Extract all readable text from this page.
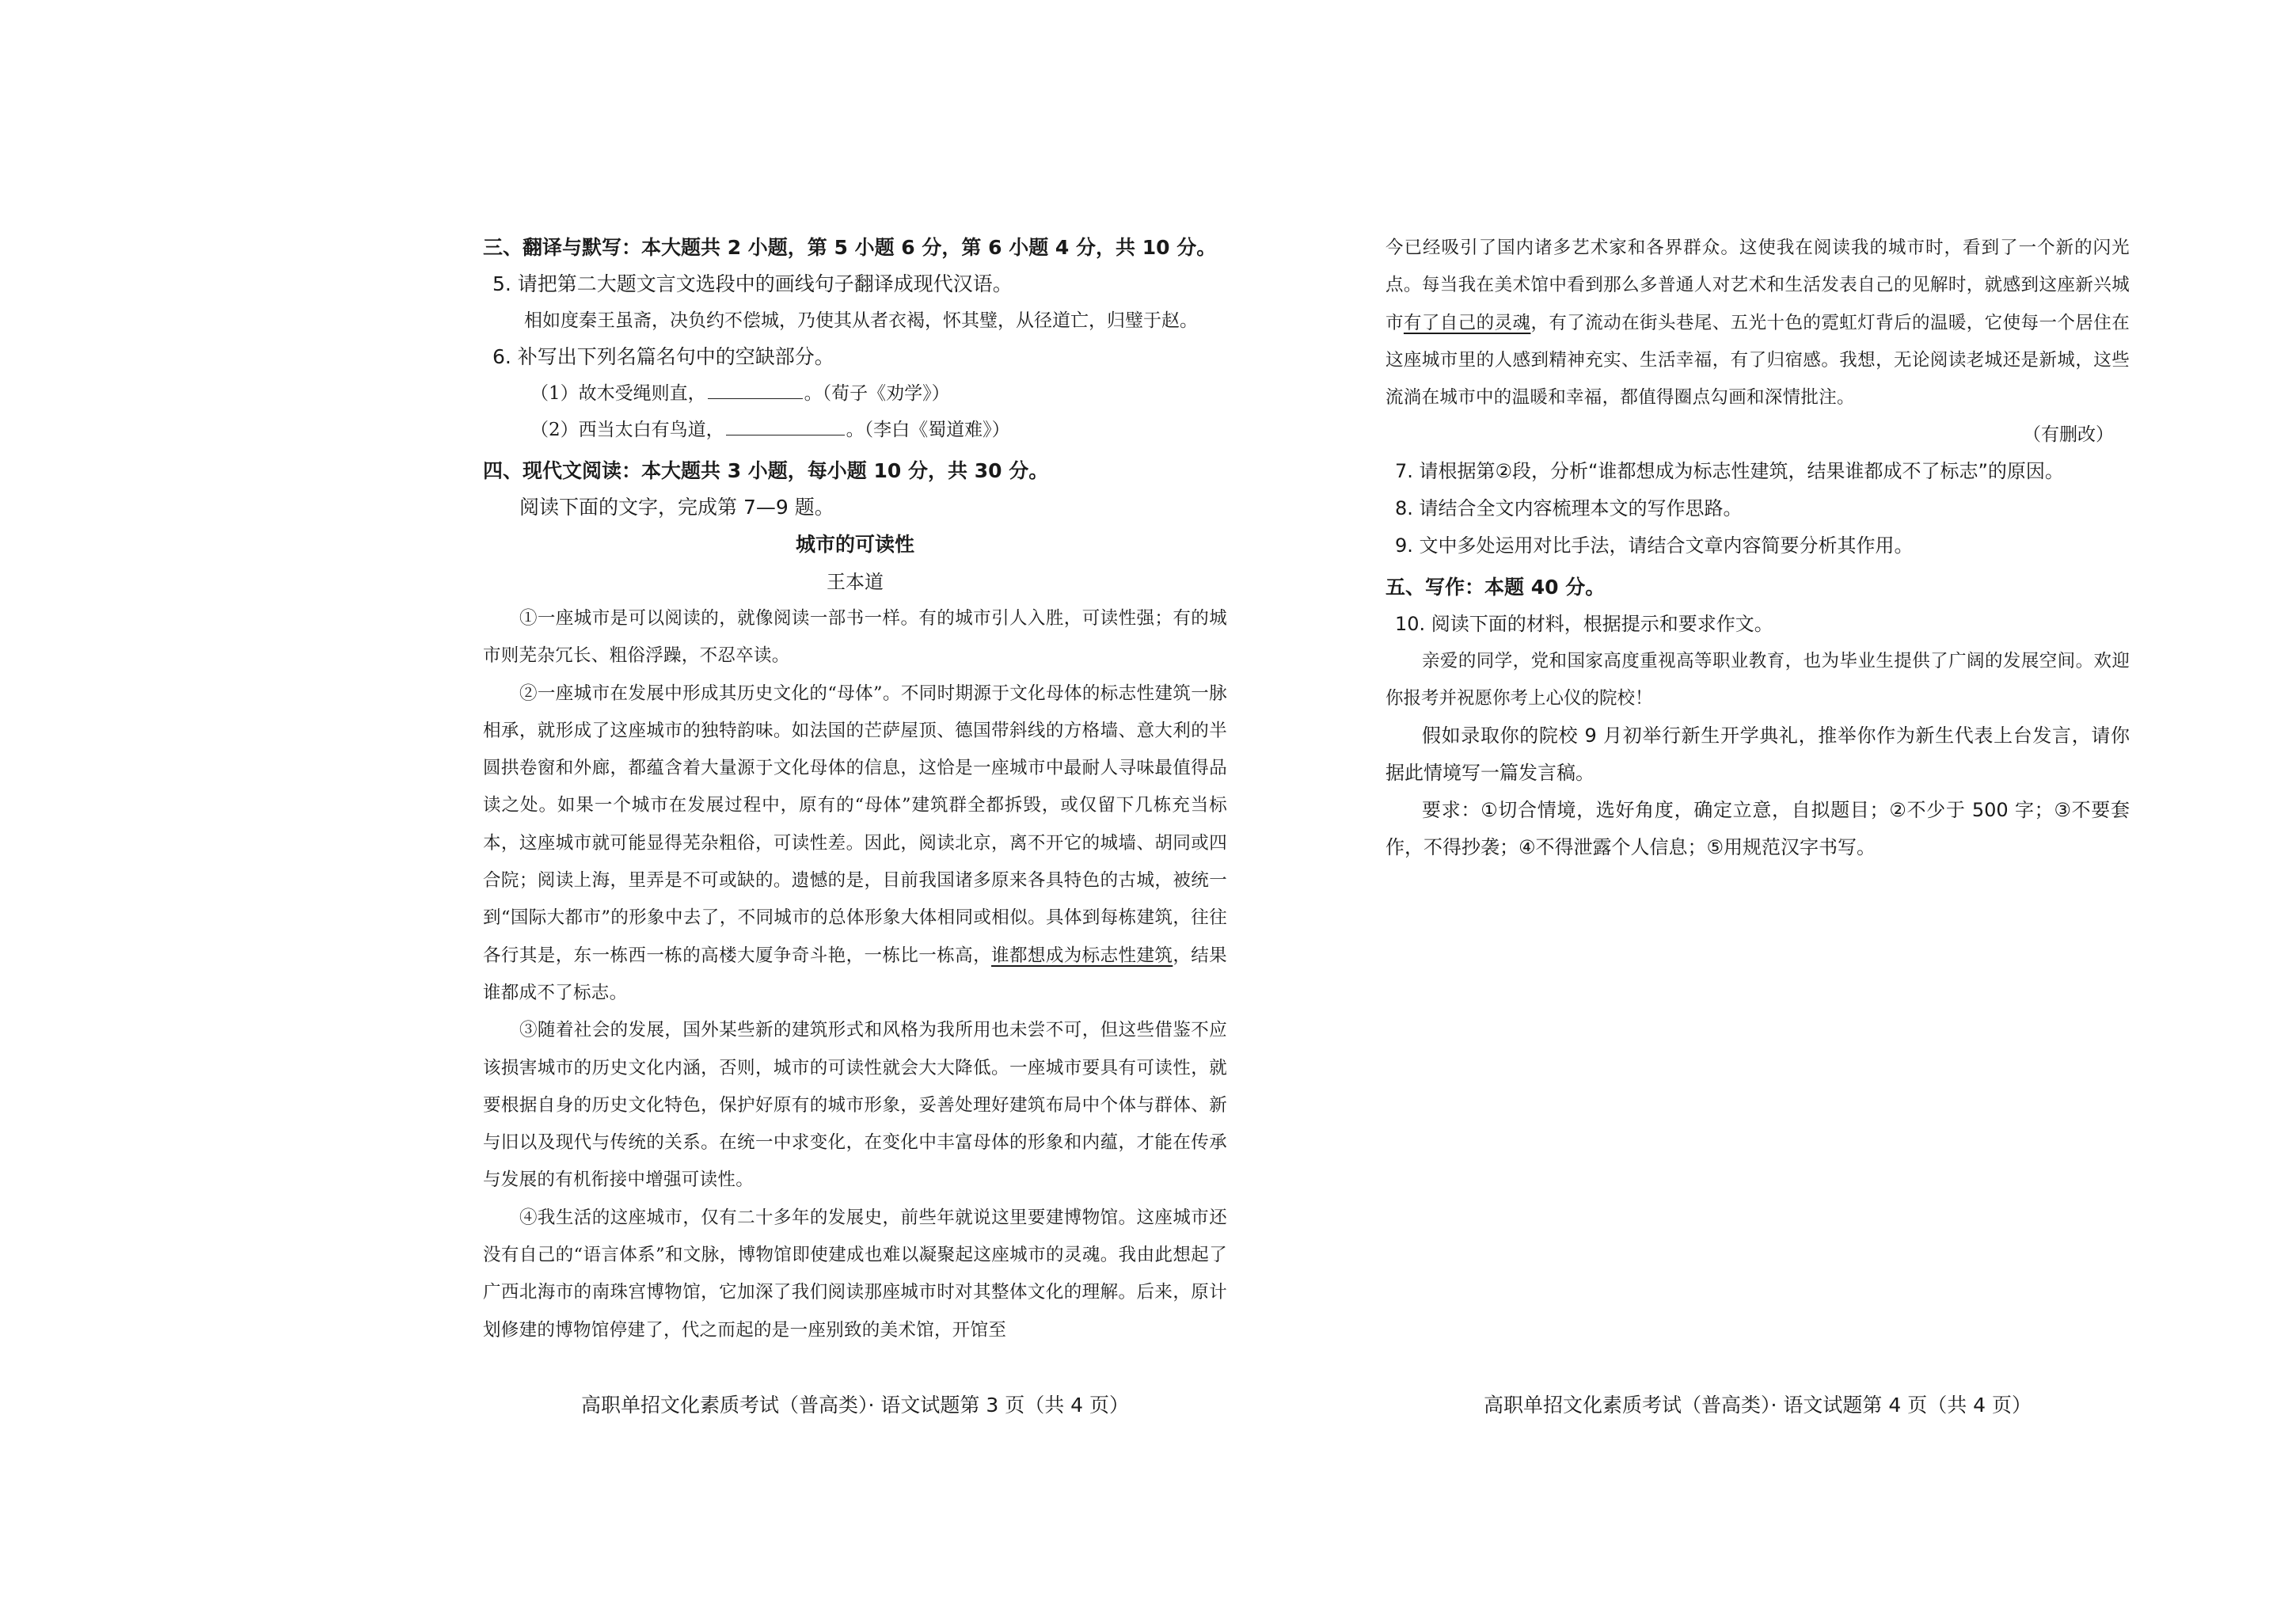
三、翻译与默写：本大题共 2 小题，第 5 小题 6 分，第 6 小题 4 分，共 10 分。

5. 请把第二大题文言文选段中的画线句子翻译成现代汉语。

相如度秦王虽斋，决负约不偿城，乃使其从者衣褐，怀其璧，从径道亡，归璧于赵。

6. 补写出下列名篇名句中的空缺部分。

（1）故木受绳则直，	。（荀子《劝学》）

（2）西当太白有鸟道，	。（李白《蜀道难》）

四、现代文阅读：本大题共 3 小题，每小题 10 分，共 30 分。

阅读下面的文字，完成第 7—9 题。

城市的可读性

王本道

①一座城市是可以阅读的，就像阅读一部书一样。有的城市引人入胜，可读性强；有的城市则芜杂冗长、粗俗浮躁，不忍卒读。

②一座城市在发展中形成其历史文化的“母体”。不同时期源于文化母体的标志性建筑一脉相承，就形成了这座城市的独特韵味。如法国的芒萨屋顶、德国带斜线的方格墙、意大利的半圆拱卷窗和外廊，都蕴含着大量源于文化母体的信息，这恰是一座城市中最耐人寻味最值得品读之处。如果一个城市在发展过程中，原有的“母体”建筑群全都拆毁，或仅留下几栋充当标本，这座城市就可能显得芜杂粗俗，可读性差。因此，阅读北京，离不开它的城墙、胡同或四合院；阅读上海，里弄是不可或缺的。遗憾的是，目前我国诸多原来各具特色的古城，被统一到“国际大都市”的形象中去了，不同城市的总体形象大体相同或相似。具体到每栋建筑，往往各行其是，东一栋西一栋的高楼大厦争奇斗艳，一栋比一栋高，谁都想成为标志性建筑，结果谁都成不了标志。

③随着社会的发展，国外某些新的建筑形式和风格为我所用也未尝不可，但这些借鉴不应该损害城市的历史文化内涵，否则，城市的可读性就会大大降低。一座城市要具有可读性，就要根据自身的历史文化特色，保护好原有的城市形象，妥善处理好建筑布局中个体与群体、新与旧以及现代与传统的关系。在统一中求变化，在变化中丰富母体的形象和内蕴，才能在传承与发展的有机衔接中增强可读性。

④我生活的这座城市，仅有二十多年的发展史，前些年就说这里要建博物馆。这座城市还没有自己的“语言体系”和文脉，博物馆即使建成也难以凝聚起这座城市的灵魂。我由此想起了广西北海市的南珠宫博物馆，它加深了我们阅读那座城市时对其整体文化的理解。后来，原计划修建的博物馆停建了，代之而起的是一座别致的美术馆，开馆至

高职单招文化素质考试（普高类）· 语文试题第 3 页（共 4 页）

今已经吸引了国内诸多艺术家和各界群众。这使我在阅读我的城市时，看到了一个新的闪光点。每当我在美术馆中看到那么多普通人对艺术和生活发表自己的见解时，就感到这座新兴城市有了自己的灵魂，有了流动在街头巷尾、五光十色的霓虹灯背后的温暖，它使每一个居住在这座城市里的人感到精神充实、生活幸福，有了归宿感。我想，无论阅读老城还是新城，这些流淌在城市中的温暖和幸福，都值得圈点勾画和深情批注。

（有删改）

7. 请根据第②段，分析“谁都想成为标志性建筑，结果谁都成不了标志”的原因。

8. 请结合全文内容梳理本文的写作思路。

9. 文中多处运用对比手法，请结合文章内容简要分析其作用。

五、写作：本题 40 分。

10. 阅读下面的材料，根据提示和要求作文。

亲爱的同学，党和国家高度重视高等职业教育，也为毕业生提供了广阔的发展空间。欢迎你报考并祝愿你考上心仪的院校！

假如录取你的院校 9 月初举行新生开学典礼，推举你作为新生代表上台发言，请你据此情境写一篇发言稿。

要求：①切合情境，选好角度，确定立意，自拟题目；②不少于 500 字；③不要套作，不得抄袭；④不得泄露个人信息；⑤用规范汉字书写。

高职单招文化素质考试（普高类）· 语文试题第 4 页（共 4 页）
